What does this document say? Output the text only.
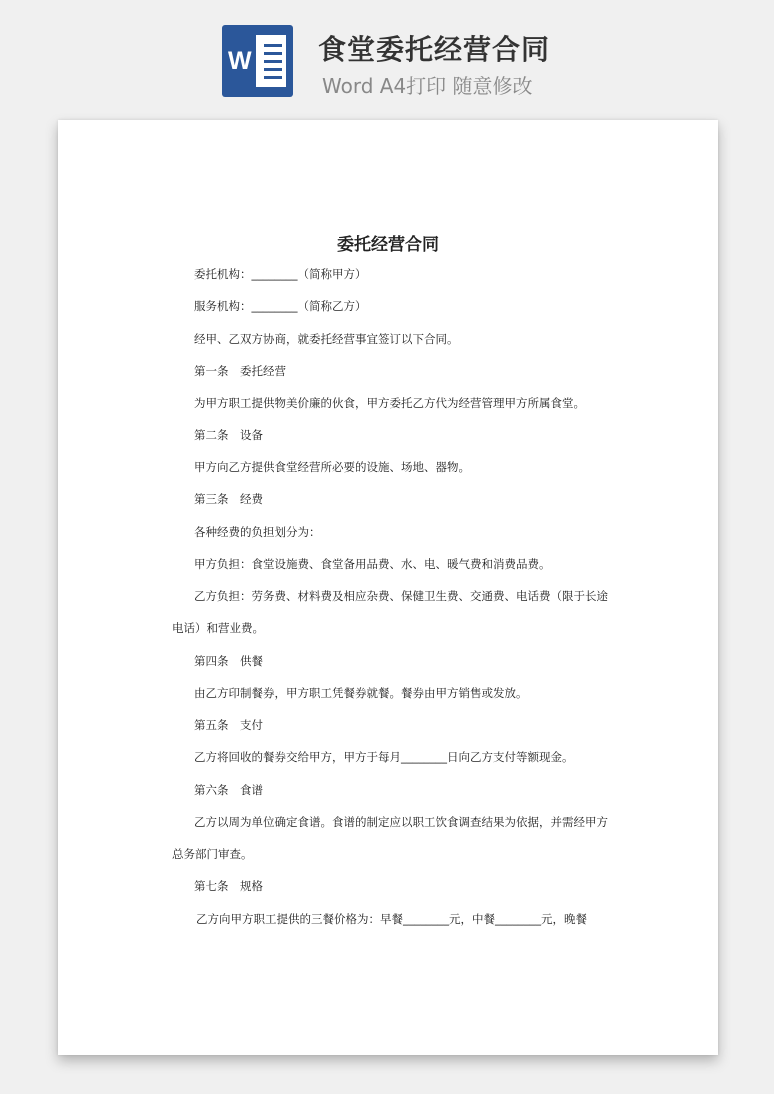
W	食堂委托经营合同
Word A4打印 随意修改
委托经营合同
委托机构：________（简称甲方）
服务机构：________（简称乙方）
经甲、乙双方协商，就委托经营事宜签订以下合同。
第一条　委托经营
为甲方职工提供物美价廉的伙食，甲方委托乙方代为经营管理甲方所属食堂。
第二条　设备
甲方向乙方提供食堂经营所必要的设施、场地、器物。
第三条　经费
各种经费的负担划分为：
甲方负担：食堂设施费、食堂备用品费、水、电、暖气费和消费品费。
乙方负担：劳务费、材料费及相应杂费、保健卫生费、交通费、电话费（限于长途
电话）和营业费。
第四条　供餐
由乙方印制餐券，甲方职工凭餐券就餐。餐券由甲方销售或发放。
第五条　支付
乙方将回收的餐券交给甲方，甲方于每月________日向乙方支付等额现金。
第六条　食谱
乙方以周为单位确定食谱。食谱的制定应以职工饮食调查结果为依据，并需经甲方
总务部门审查。
第七条　规格
乙方向甲方职工提供的三餐价格为：早餐________元，中餐________元，晚餐
